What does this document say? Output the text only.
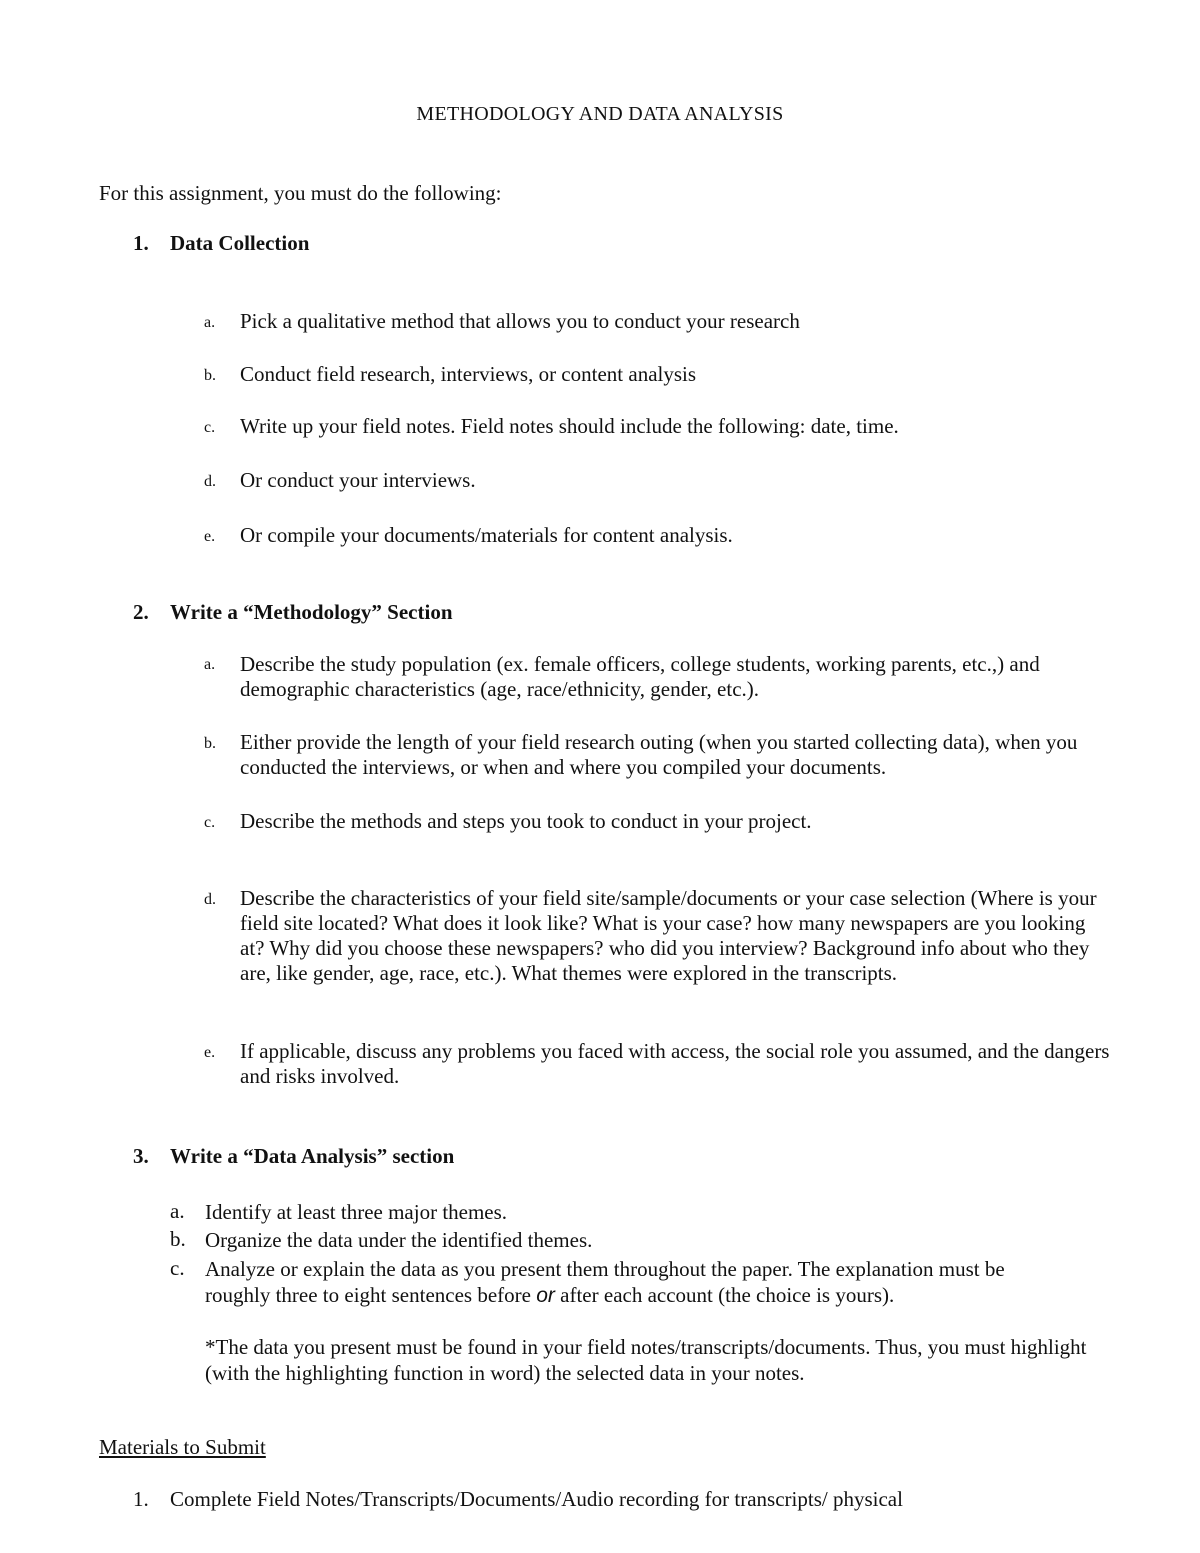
METHODOLOGY AND DATA ANALYSIS
For this assignment, you must do the following:
1. Data Collection
a. Pick a qualitative method that allows you to conduct your research
b. Conduct field research, interviews, or content analysis
c. Write up your field notes. Field notes should include the following: date, time.
d. Or conduct your interviews.
e. Or compile your documents/materials for content analysis.
2. Write a “Methodology” Section
a. Describe the study population (ex. female officers, college students, working parents, etc.,) and demographic characteristics (age, race/ethnicity, gender, etc.).
b. Either provide the length of your field research outing (when you started collecting data), when you conducted the interviews, or when and where you compiled your documents.
c. Describe the methods and steps you took to conduct in your project.
d. Describe the characteristics of your field site/sample/documents or your case selection (Where is your field site located? What does it look like? What is your case? how many newspapers are you looking at? Why did you choose these newspapers? who did you interview? Background info about who they are, like gender, age, race, etc.). What themes were explored in the transcripts.
e. If applicable, discuss any problems you faced with access, the social role you assumed, and the dangers and risks involved.
3. Write a “Data Analysis” section
a. Identify at least three major themes.
b. Organize the data under the identified themes.
c. Analyze or explain the data as you present them throughout the paper. The explanation must be roughly three to eight sentences before or after each account (the choice is yours).
*The data you present must be found in your field notes/transcripts/documents. Thus, you must highlight (with the highlighting function in word) the selected data in your notes.
Materials to Submit
1. Complete Field Notes/Transcripts/Documents/Audio recording for transcripts/ physical
